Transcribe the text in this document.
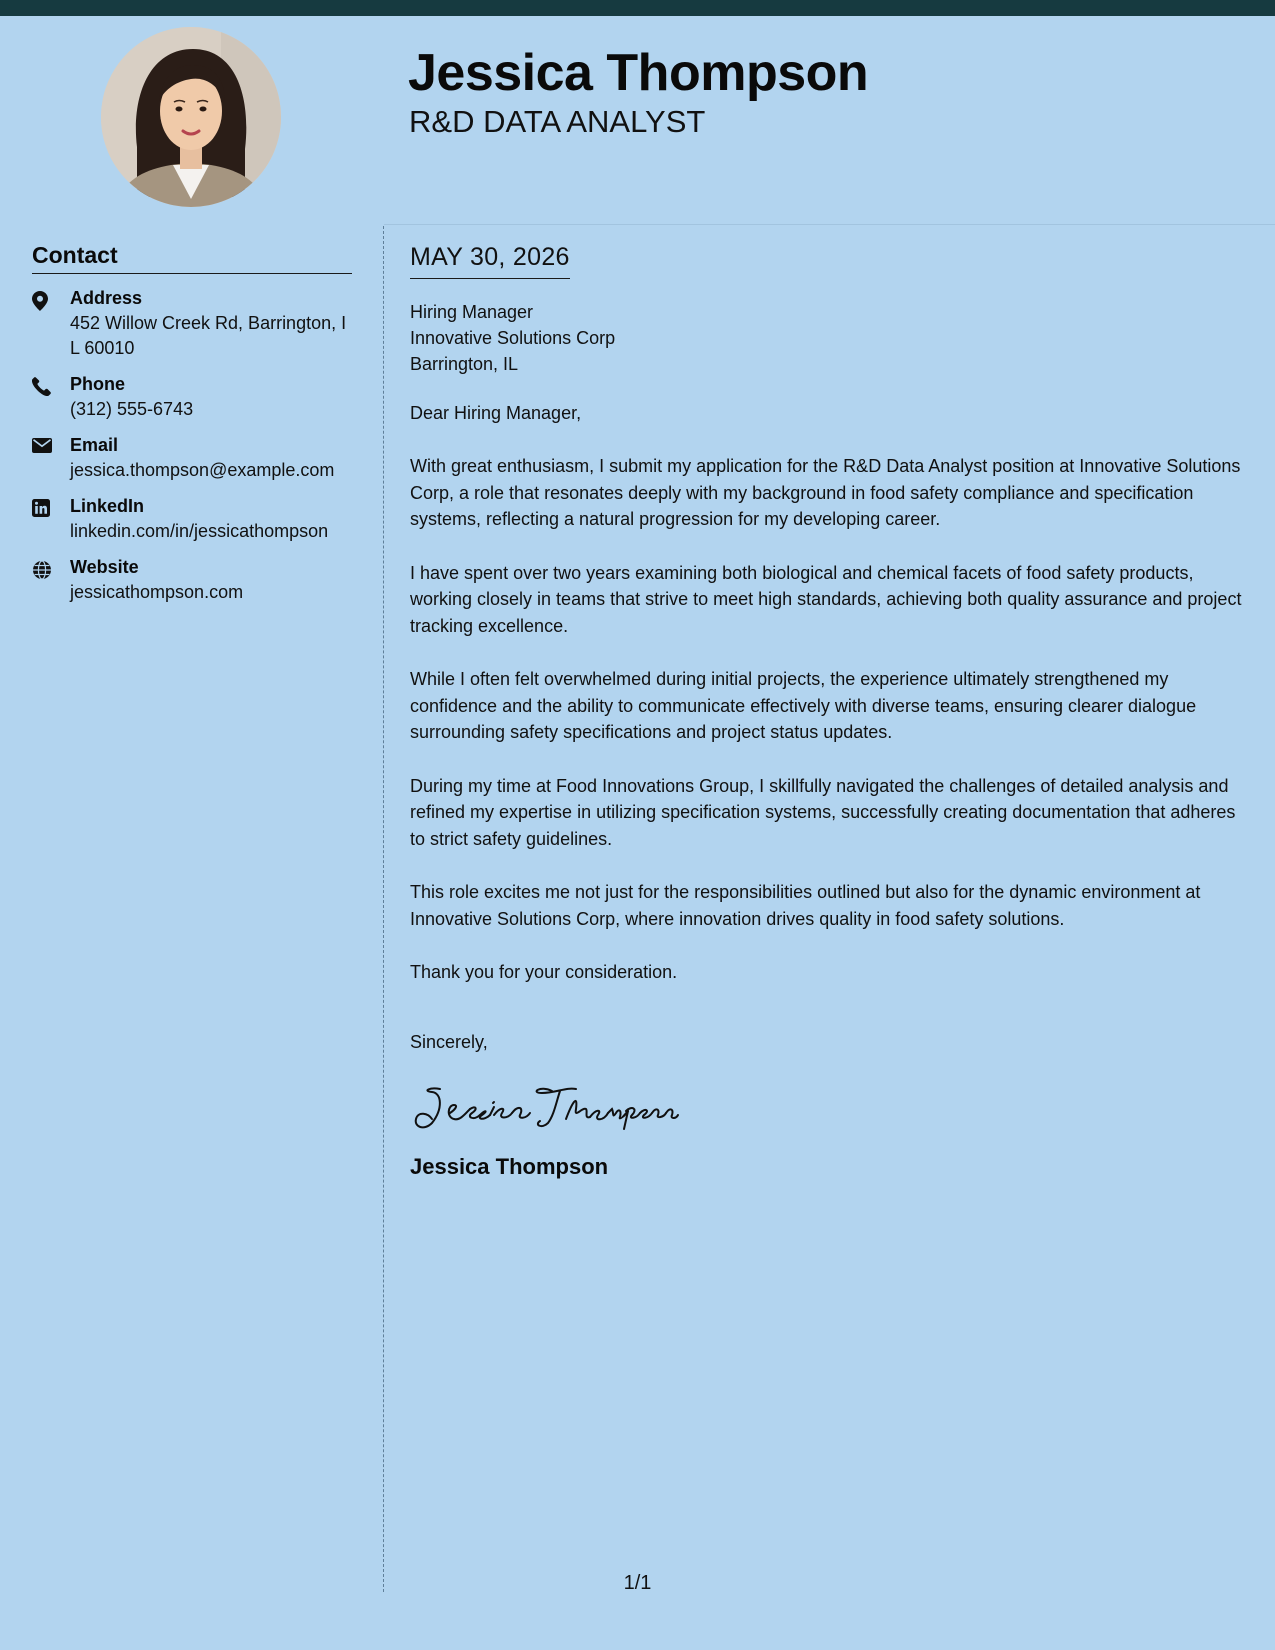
Jessica Thompson
R&D DATA ANALYST
Contact
Address
452 Willow Creek Rd, Barrington, IL 60010
Phone
(312) 555-6743
Email
jessica.thompson@example.com
LinkedIn
linkedin.com/in/jessicathompson
Website
jessicathompson.com
MAY 30, 2026
Hiring Manager
Innovative Solutions Corp
Barrington, IL
Dear Hiring Manager,

With great enthusiasm, I submit my application for the R&D Data Analyst position at Innovative Solutions Corp, a role that resonates deeply with my background in food safety compliance and specification systems, reflecting a natural progression for my developing career.

I have spent over two years examining both biological and chemical facets of food safety products, working closely in teams that strive to meet high standards, achieving both quality assurance and project tracking excellence.

While I often felt overwhelmed during initial projects, the experience ultimately strengthened my confidence and the ability to communicate effectively with diverse teams, ensuring clearer dialogue surrounding safety specifications and project status updates.

During my time at Food Innovations Group, I skillfully navigated the challenges of detailed analysis and refined my expertise in utilizing specification systems, successfully creating documentation that adheres to strict safety guidelines.

This role excites me not just for the responsibilities outlined but also for the dynamic environment at Innovative Solutions Corp, where innovation drives quality in food safety solutions.

Thank you for your consideration.

Sincerely,
Jessica Thompson
1/1
